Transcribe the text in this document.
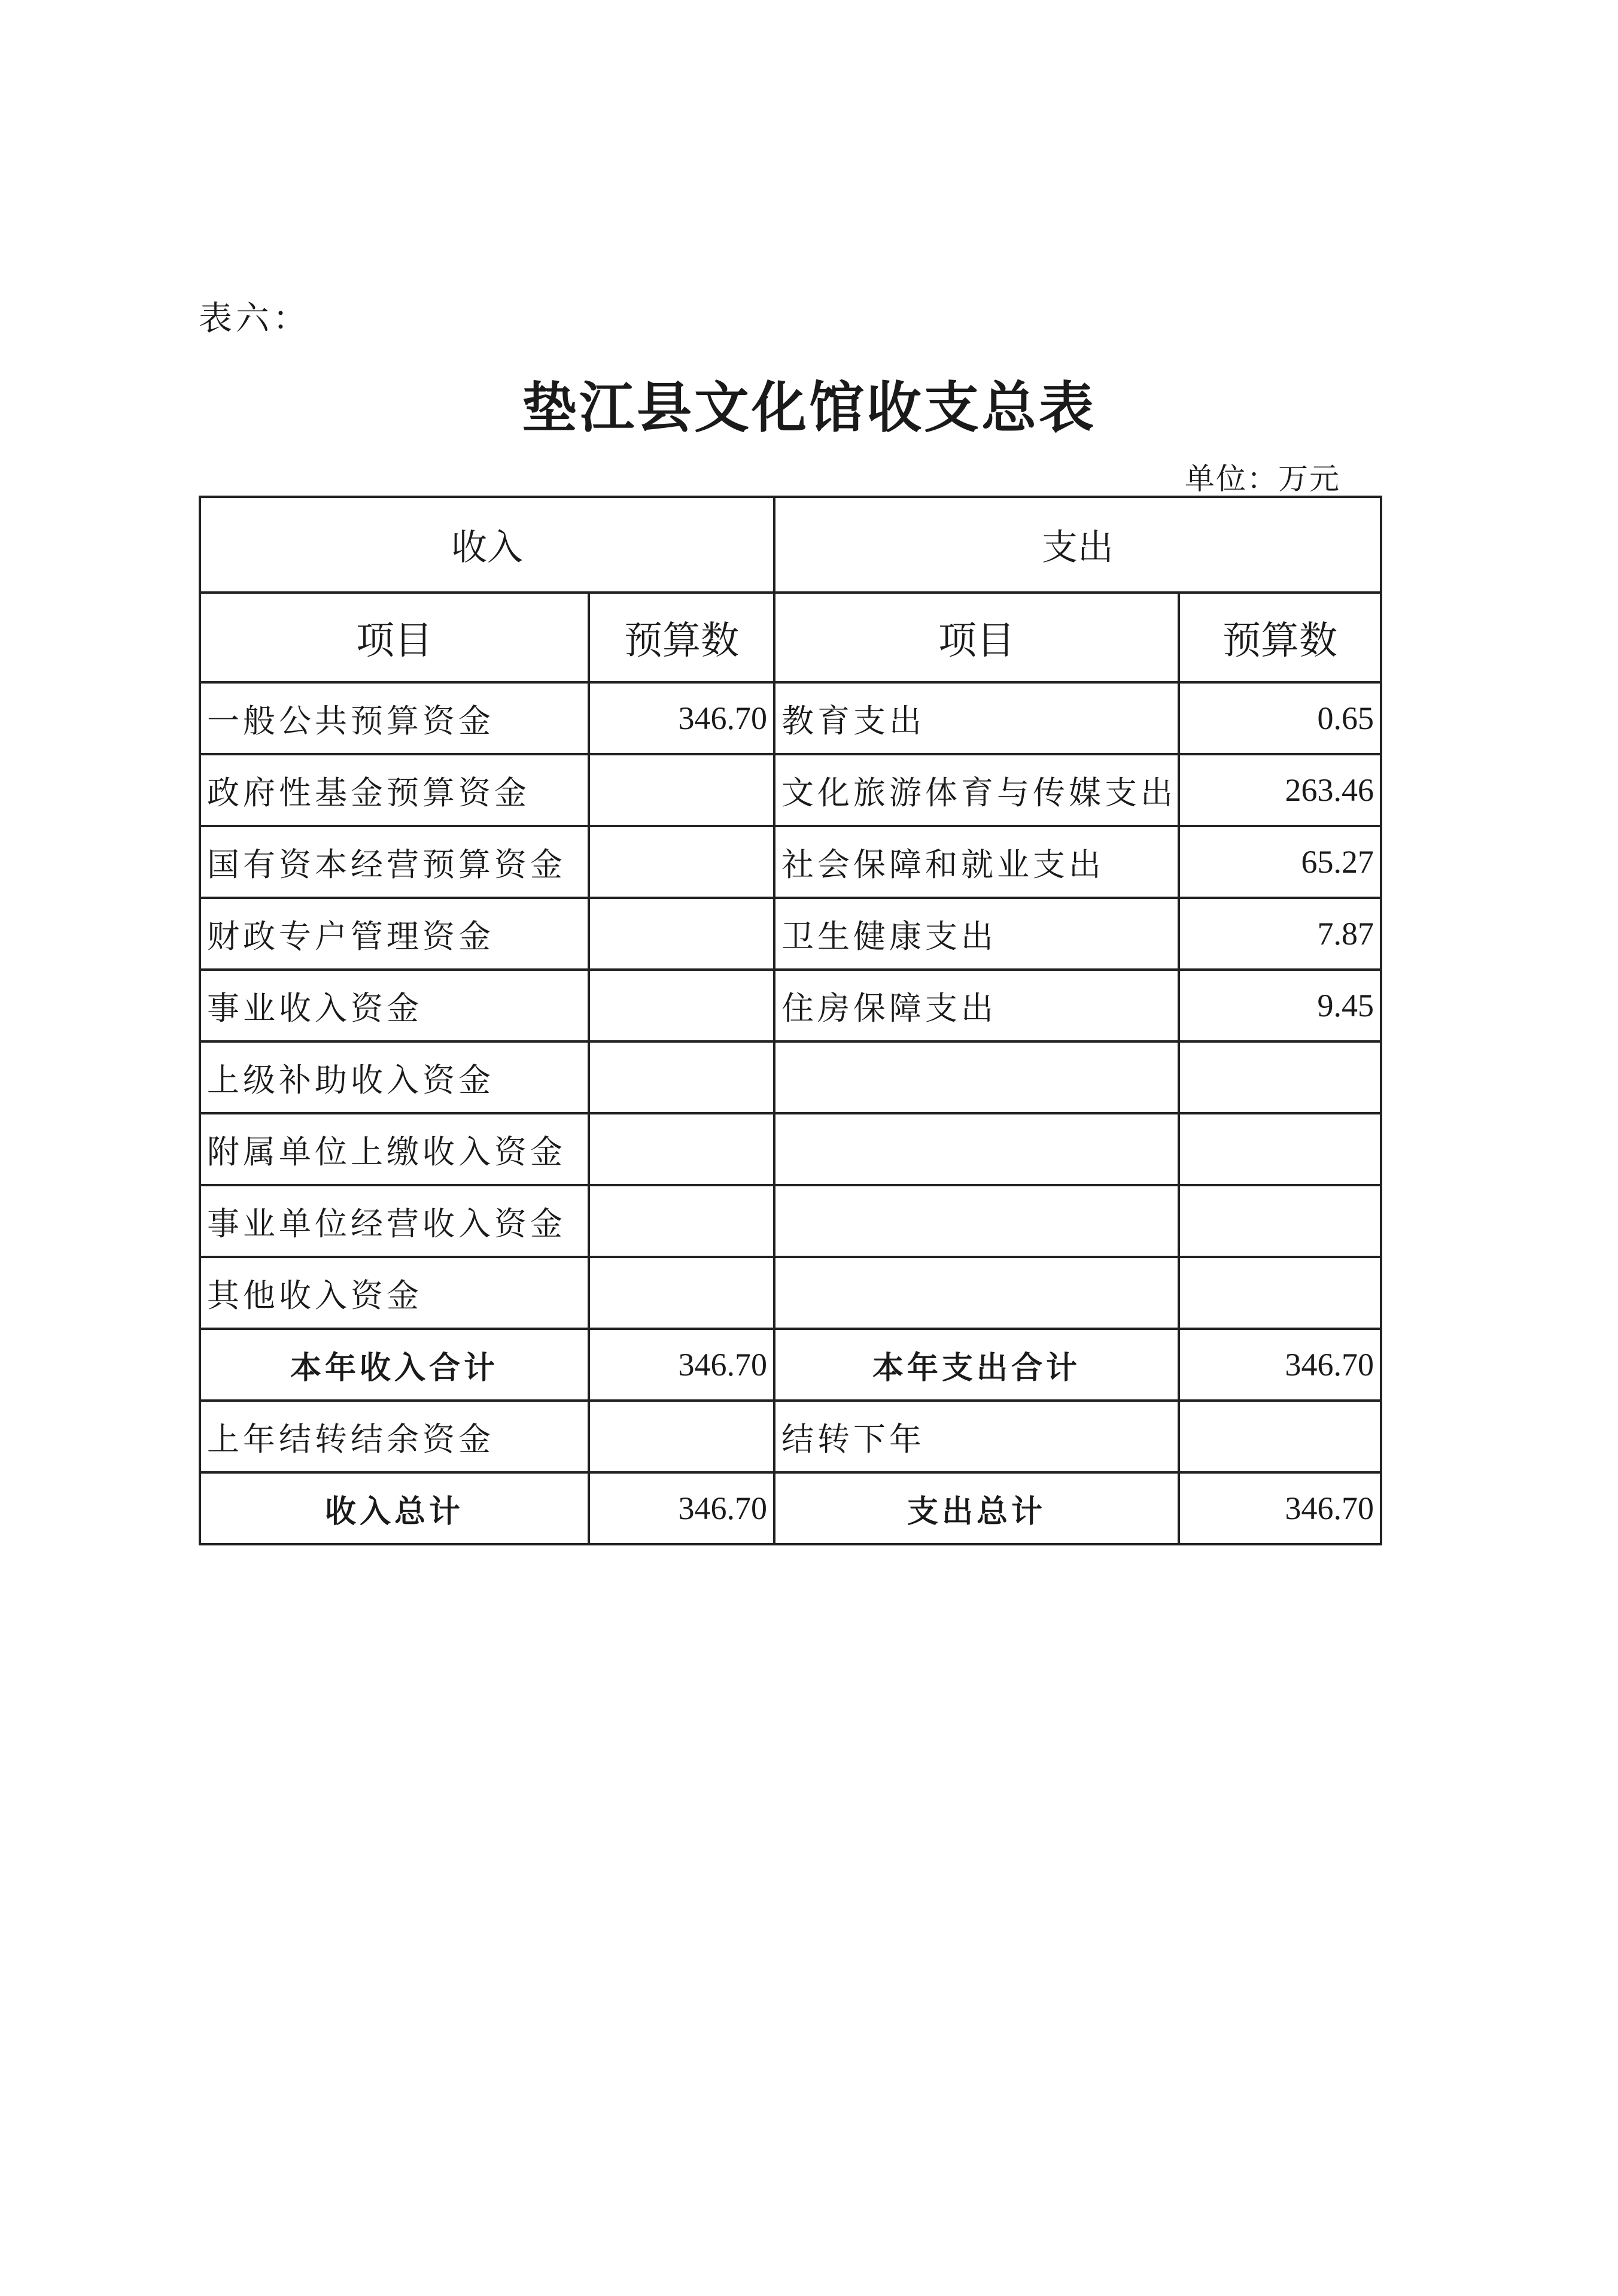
表六：
垫江县文化馆收支总表
单位：万元
收入		支出	
项目	预算数	项目	预算数
一般公共预算资金	346.70	教育支出	0.65
政府性基金预算资金		文化旅游体育与传媒支出	263.46
国有资本经营预算资金		社会保障和就业支出	65.27
财政专户管理资金		卫生健康支出	7.87
事业收入资金		住房保障支出	9.45
上级补助收入资金			
附属单位上缴收入资金			
事业单位经营收入资金			
其他收入资金			
本年收入合计	346.70	本年支出合计	346.70
上年结转结余资金		结转下年	
收入总计	346.70	支出总计	346.70
